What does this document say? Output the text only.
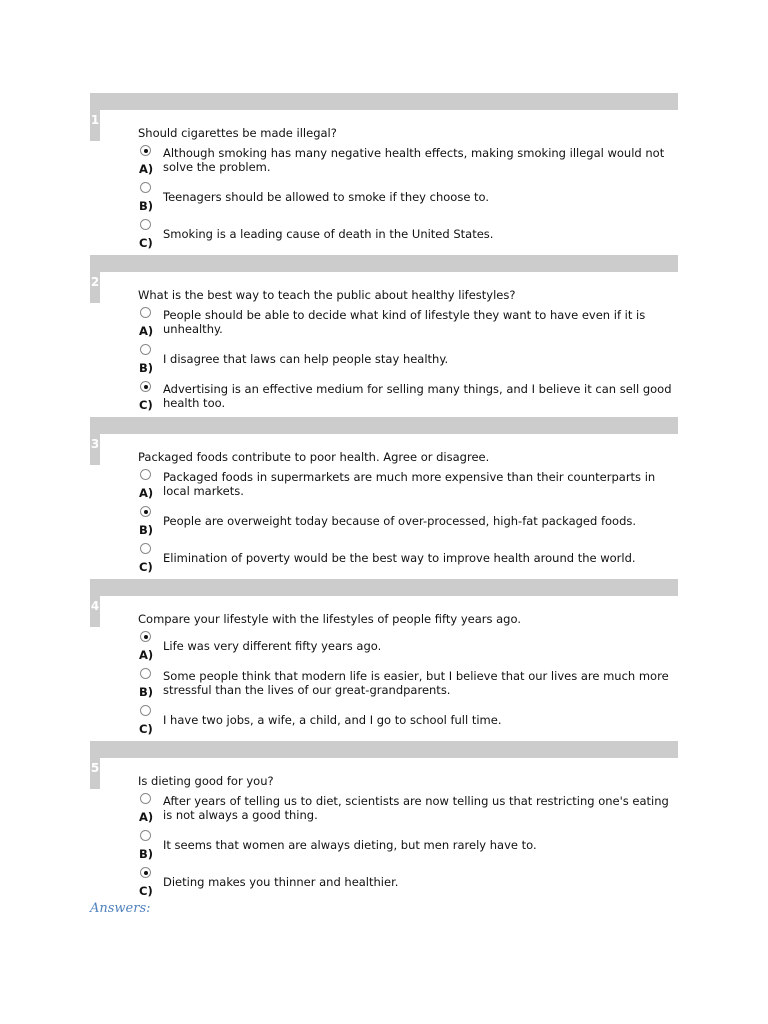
1
Should cigarettes be made illegal?
A)
Although smoking has many negative health effects, making smoking illegal would not solve the problem.
B)
Teenagers should be allowed to smoke if they choose to.
C)
Smoking is a leading cause of death in the United States.
2
What is the best way to teach the public about healthy lifestyles?
A)
People should be able to decide what kind of lifestyle they want to have even if it is unhealthy.
B)
I disagree that laws can help people stay healthy.
C)
Advertising is an effective medium for selling many things, and I believe it can sell good health too.
3
Packaged foods contribute to poor health. Agree or disagree.
A)
Packaged foods in supermarkets are much more expensive than their counterparts in local markets.
B)
People are overweight today because of over-processed, high-fat packaged foods.
C)
Elimination of poverty would be the best way to improve health around the world.
4
Compare your lifestyle with the lifestyles of people fifty years ago.
A)
Life was very different fifty years ago.
B)
Some people think that modern life is easier, but I believe that our lives are much more stressful than the lives of our great-grandparents.
C)
I have two jobs, a wife, a child, and I go to school full time.
5
Is dieting good for you?
A)
After years of telling us to diet, scientists are now telling us that restricting one's eating is not always a good thing.
B)
It seems that women are always dieting, but men rarely have to.
C)
Dieting makes you thinner and healthier.
Answers:
